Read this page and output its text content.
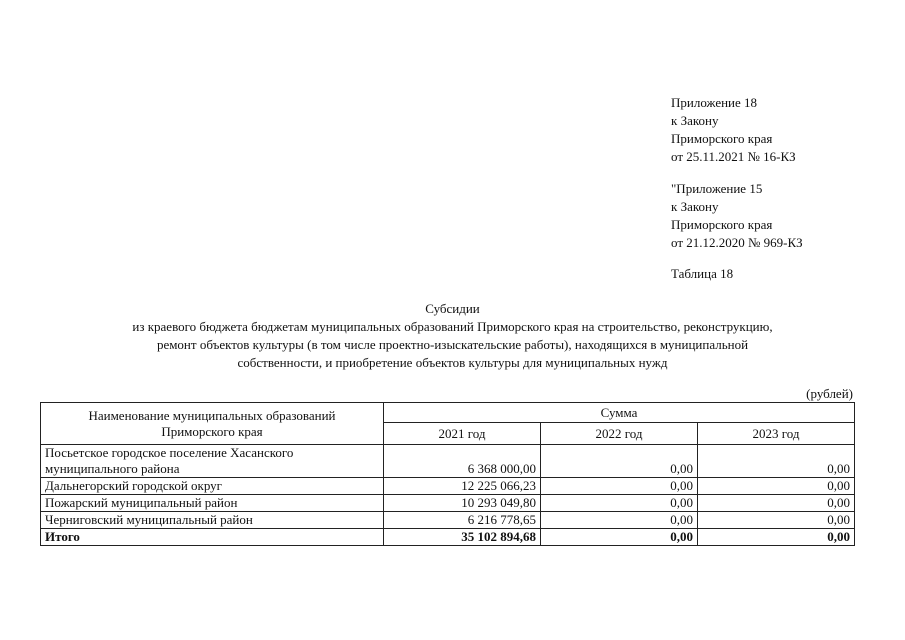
Приложение 18
к Закону
Приморского края
от 25.11.2021 № 16-КЗ
"Приложение 15
к Закону
Приморского края
от 21.12.2020 № 969-КЗ
Таблица 18
Субсидии
из краевого бюджета бюджетам муниципальных образований Приморского края на строительство, реконструкцию,
ремонт объектов культуры (в том числе проектно-изыскательские работы), находящихся в муниципальной
собственности, и приобретение объектов культуры для муниципальных нужд
(рублей)
Наименование муниципальных образований
Приморского края	Сумма		
	2021 год	2022 год	2023 год

Посьетское городское поселение Хасанского
муниципального района	6 368 000,00	0,00	0,00
Дальнегорский городской округ	12 225 066,23	0,00	0,00
Пожарский муниципальный район	10 293 049,80	0,00	0,00
Черниговский муниципальный район	6 216 778,65	0,00	0,00
Итого	35 102 894,68	0,00	0,00
